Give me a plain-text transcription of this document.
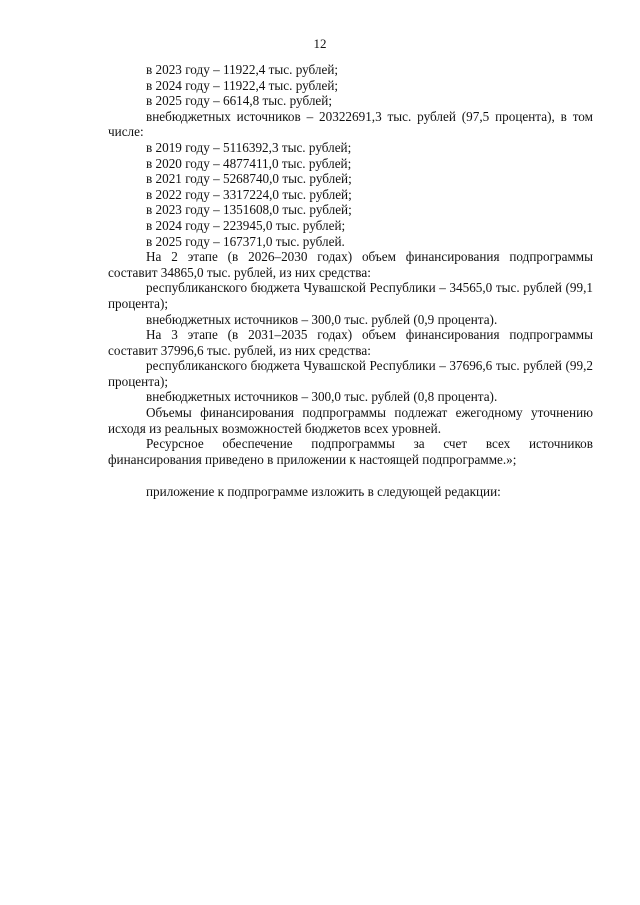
12

в 2023 году – 11922,4 тыс. рублей;

в 2024 году – 11922,4 тыс. рублей;

в 2025 году – 6614,8 тыс. рублей;

внебюджетных источников – 20322691,3 тыс. рублей (97,5 процента), в том числе:

в 2019 году – 5116392,3 тыс. рублей;

в 2020 году – 4877411,0 тыс. рублей;

в 2021 году – 5268740,0 тыс. рублей;

в 2022 году – 3317224,0 тыс. рублей;

в 2023 году – 1351608,0 тыс. рублей;

в 2024 году – 223945,0 тыс. рублей;

в 2025 году – 167371,0 тыс. рублей.

На 2 этапе (в 2026–2030 годах) объем финансирования подпрограммы составит 34865,0 тыс. рублей, из них средства:

республиканского бюджета Чувашской Республики – 34565,0 тыс. рублей (99,1 процента);

внебюджетных источников – 300,0 тыс. рублей (0,9 процента).

На 3 этапе (в 2031–2035 годах) объем финансирования подпрограммы составит 37996,6 тыс. рублей, из них средства:

республиканского бюджета Чувашской Республики – 37696,6 тыс. рублей (99,2 процента);

внебюджетных источников – 300,0 тыс. рублей (0,8 процента).

Объемы финансирования подпрограммы подлежат ежегодному уточнению исходя из реальных возможностей бюджетов всех уровней.

Ресурсное обеспечение подпрограммы за счет всех источников финансирования приведено в приложении к настоящей подпрограмме.»;

приложение к подпрограмме изложить в следующей редакции:
